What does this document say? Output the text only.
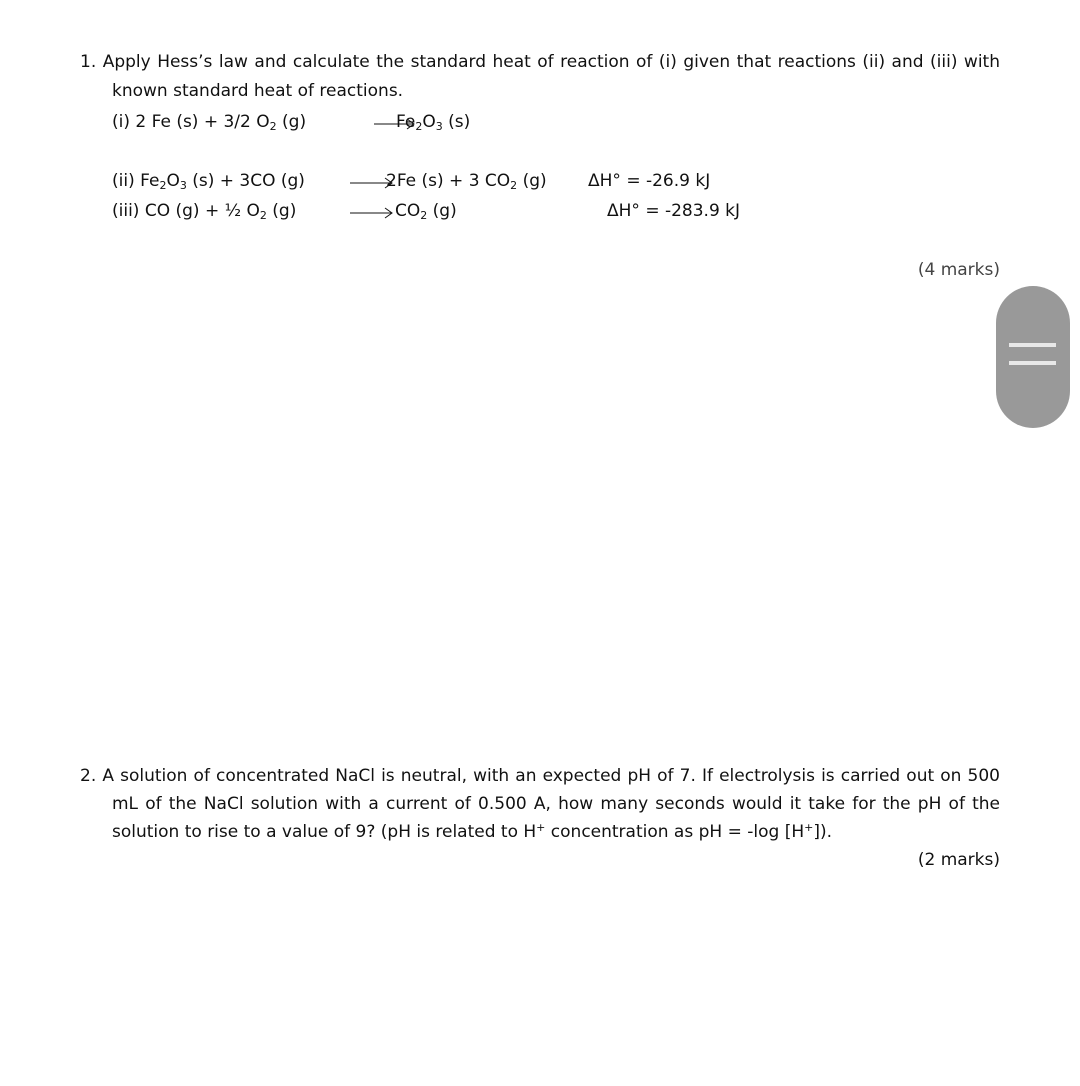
1. Apply Hess’s law and calculate the standard heat of reaction of (i) given that reactions (ii) and (iii) with known standard heat of reactions.
(i) 2 Fe (s) + 3/2 $O_2$ (g)	$Fe_2O_3$ (s)
(ii) $Fe_2O_3$ (s) + 3CO (g)	2Fe (s) + 3 $CO_2$ (g) ΔH° = -26.9 kJ
(iii) CO (g) + ½ $O_2$ (g)	$CO_2$ (g)	ΔH° = -283.9 kJ
(4 marks)
2. A solution of concentrated NaCl is neutral, with an expected pH of 7. If electrolysis is carried out on 500 mL of the NaCl solution with a current of 0.500 A, how many seconds would it take for the pH of the solution to rise to a value of 9? (pH is related to H+ concentration as pH = -log [H+]).
(2 marks)
